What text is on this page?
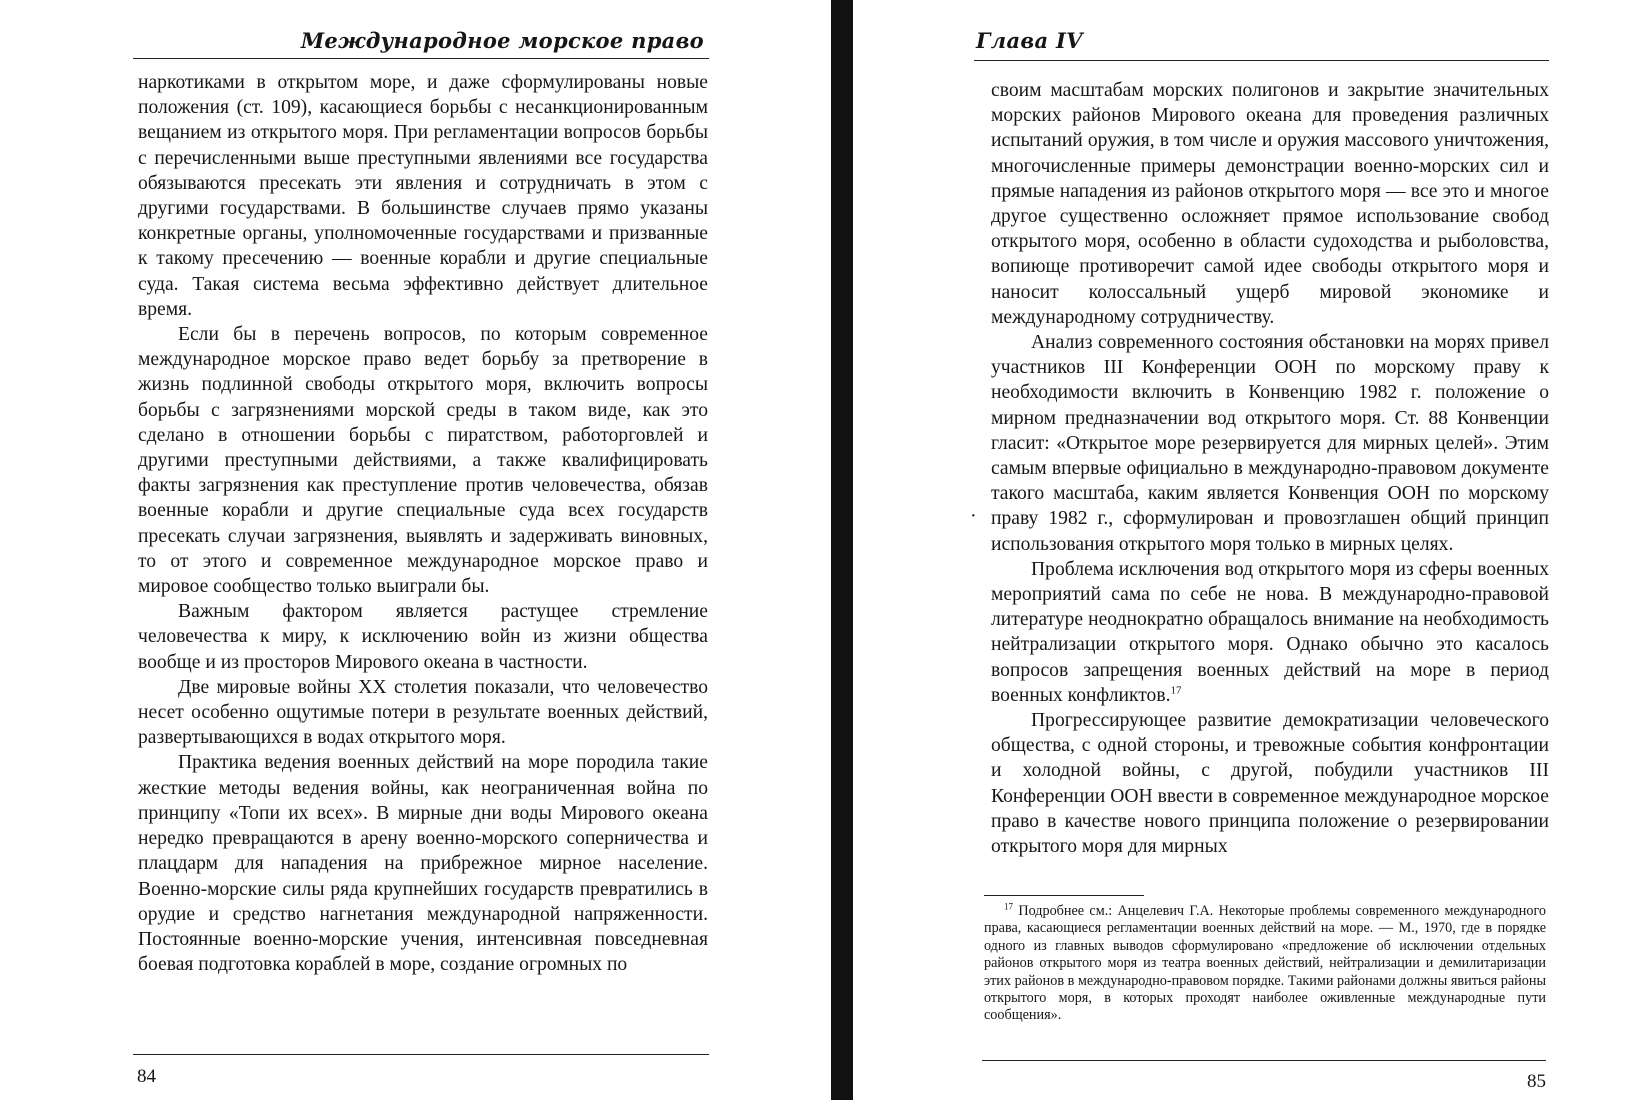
Международное морское право

наркотиками в открытом море, и даже сформулированы новые положения (ст. 109), касающиеся борьбы с несанкционированным вещанием из открытого моря. При регламентации вопросов борьбы с перечисленными выше преступными явлениями все государства обязываются пресекать эти явления и сотрудничать в этом с другими государствами. В большинстве случаев прямо указаны конкретные органы, уполномоченные государствами и призванные к такому пресечению — военные корабли и другие специальные суда. Такая система весьма эффективно действует длительное время.

Если бы в перечень вопросов, по которым современное международное морское право ведет борьбу за претворение в жизнь подлинной свободы открытого моря, включить вопросы борьбы с загрязнениями морской среды в таком виде, как это сделано в отношении борьбы с пиратством, работорговлей и другими преступными действиями, а также квалифицировать факты загрязнения как преступление против человечества, обязав военные корабли и другие специальные суда всех государств пресекать случаи загрязнения, выявлять и задерживать виновных, то от этого и современное международное морское право и мировое сообщество только выиграли бы.

Важным фактором является растущее стремление человечества к миру, к исключению войн из жизни общества вообще и из просторов Мирового океана в частности.

Две мировые войны XX столетия показали, что человечество несет особенно ощутимые потери в результате военных действий, развертывающихся в водах открытого моря.

Практика ведения военных действий на море породила такие жесткие методы ведения войны, как неограниченная война по принципу «Топи их всех». В мирные дни воды Мирового океана нередко превращаются в арену военно-морского соперничества и плацдарм для нападения на прибрежное мирное население. Военно-морские силы ряда крупнейших государств превратились в орудие и средство нагнетания международной напряженности. Постоянные военно-морские учения, интенсивная повседневная боевая подготовка кораблей в море, создание огромных по

84
Глава IV
·

своим масштабам морских полигонов и закрытие значительных морских районов Мирового океана для проведения различных испытаний оружия, в том числе и оружия массового уничтожения, многочисленные примеры демонстрации военно-морских сил и прямые нападения из районов открытого моря — все это и многое другое существенно осложняет прямое использование свобод открытого моря, особенно в области судоходства и рыболовства, вопиюще противоречит самой идее свободы открытого моря и наносит колоссальный ущерб мировой экономике и международному сотрудничеству.

Анализ современного состояния обстановки на морях привел участников III Конференции ООН по морскому праву к необходимости включить в Конвенцию 1982 г. положение о мирном предназначении вод открытого моря. Ст. 88 Конвенции гласит: «Открытое море резервируется для мирных целей». Этим самым впервые официально в международно-правовом документе такого масштаба, каким является Конвенция ООН по морскому праву 1982 г., сформулирован и провозглашен общий принцип использования открытого моря только в мирных целях.

Проблема исключения вод открытого моря из сферы военных мероприятий сама по себе не нова. В международно-правовой литературе неоднократно обращалось внимание на необходимость нейтрализации открытого моря. Однако обычно это касалось вопросов запрещения военных действий на море в период военных конфликтов.$^{17}$

Прогрессирующее развитие демократизации человеческого общества, с одной стороны, и тревожные события конфронтации и холодной войны, с другой, побудили участников III Конференции ООН ввести в современное международное морское право в качестве нового принципа положение о резервировании открытого моря для мирных

$^{17}$ Подробнее см.: Анцелевич Г.А. Некоторые проблемы современного международного права, касающиеся регламентации военных действий на море. — М., 1970, где в порядке одного из главных выводов сформулировано «предложение об исключении отдельных районов открытого моря из театра военных действий, нейтрализации и демилитаризации этих районов в международно-правовом порядке. Такими районами должны явиться районы открытого моря, в которых проходят наиболее оживленные международные пути сообщения».
85
